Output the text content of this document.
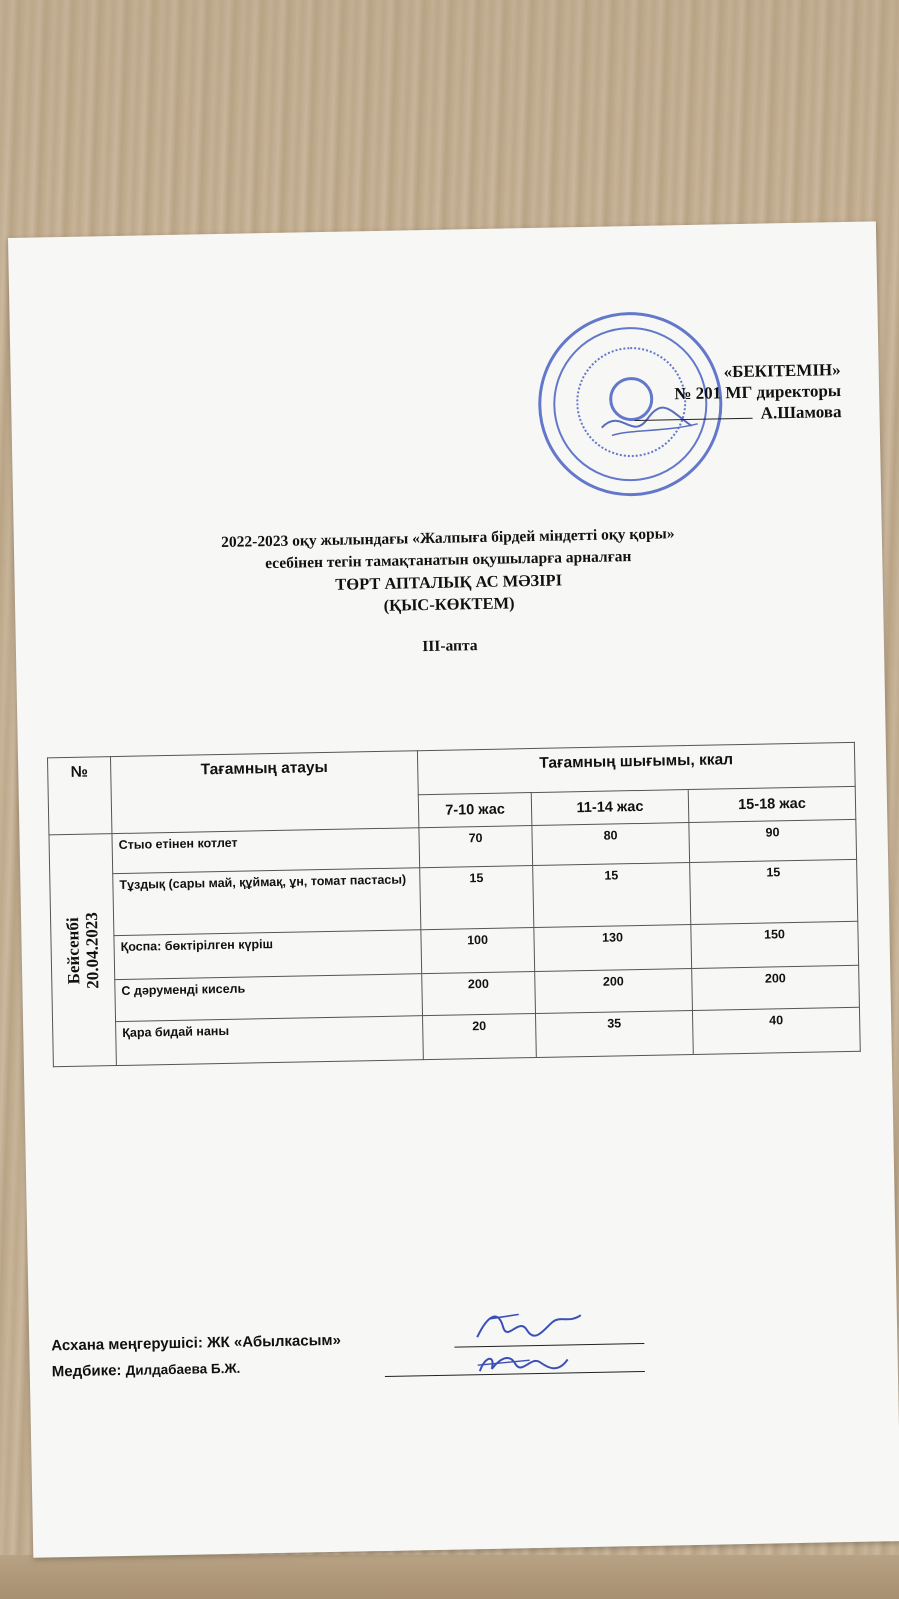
«БЕКІТЕМІН»
№ 201 МГ директоры
А.Шамова
2022-2023 оқу жылындағы «Жалпыға бірдей міндетті оқу қоры»
есебінен тегін тамақтанатын оқушыларға арналған
ТӨРТ АПТАЛЫҚ АС МӘЗІРІ
(ҚЫС-КӨКТЕМ)
ІІІ-апта
№	Тағамның атауы	Тағамның шығымы, ккал		
		7-10 жас	11-14 жас	15-18 жас

Бейсенбі
20.04.2023	Стыо етінен котлет	70	80	90
	Тұздық (сары май, құймақ, ұн, томат пастасы)	15	15	15
	Қоспа: бөктірілген күріш	100	130	150
	С дәруменді кисель	200	200	200
	Қара бидай наны	20	35	40
Асхана меңгерушісі: ЖК «Абылкасым»
Медбике: Дилдабаева Б.Ж.
